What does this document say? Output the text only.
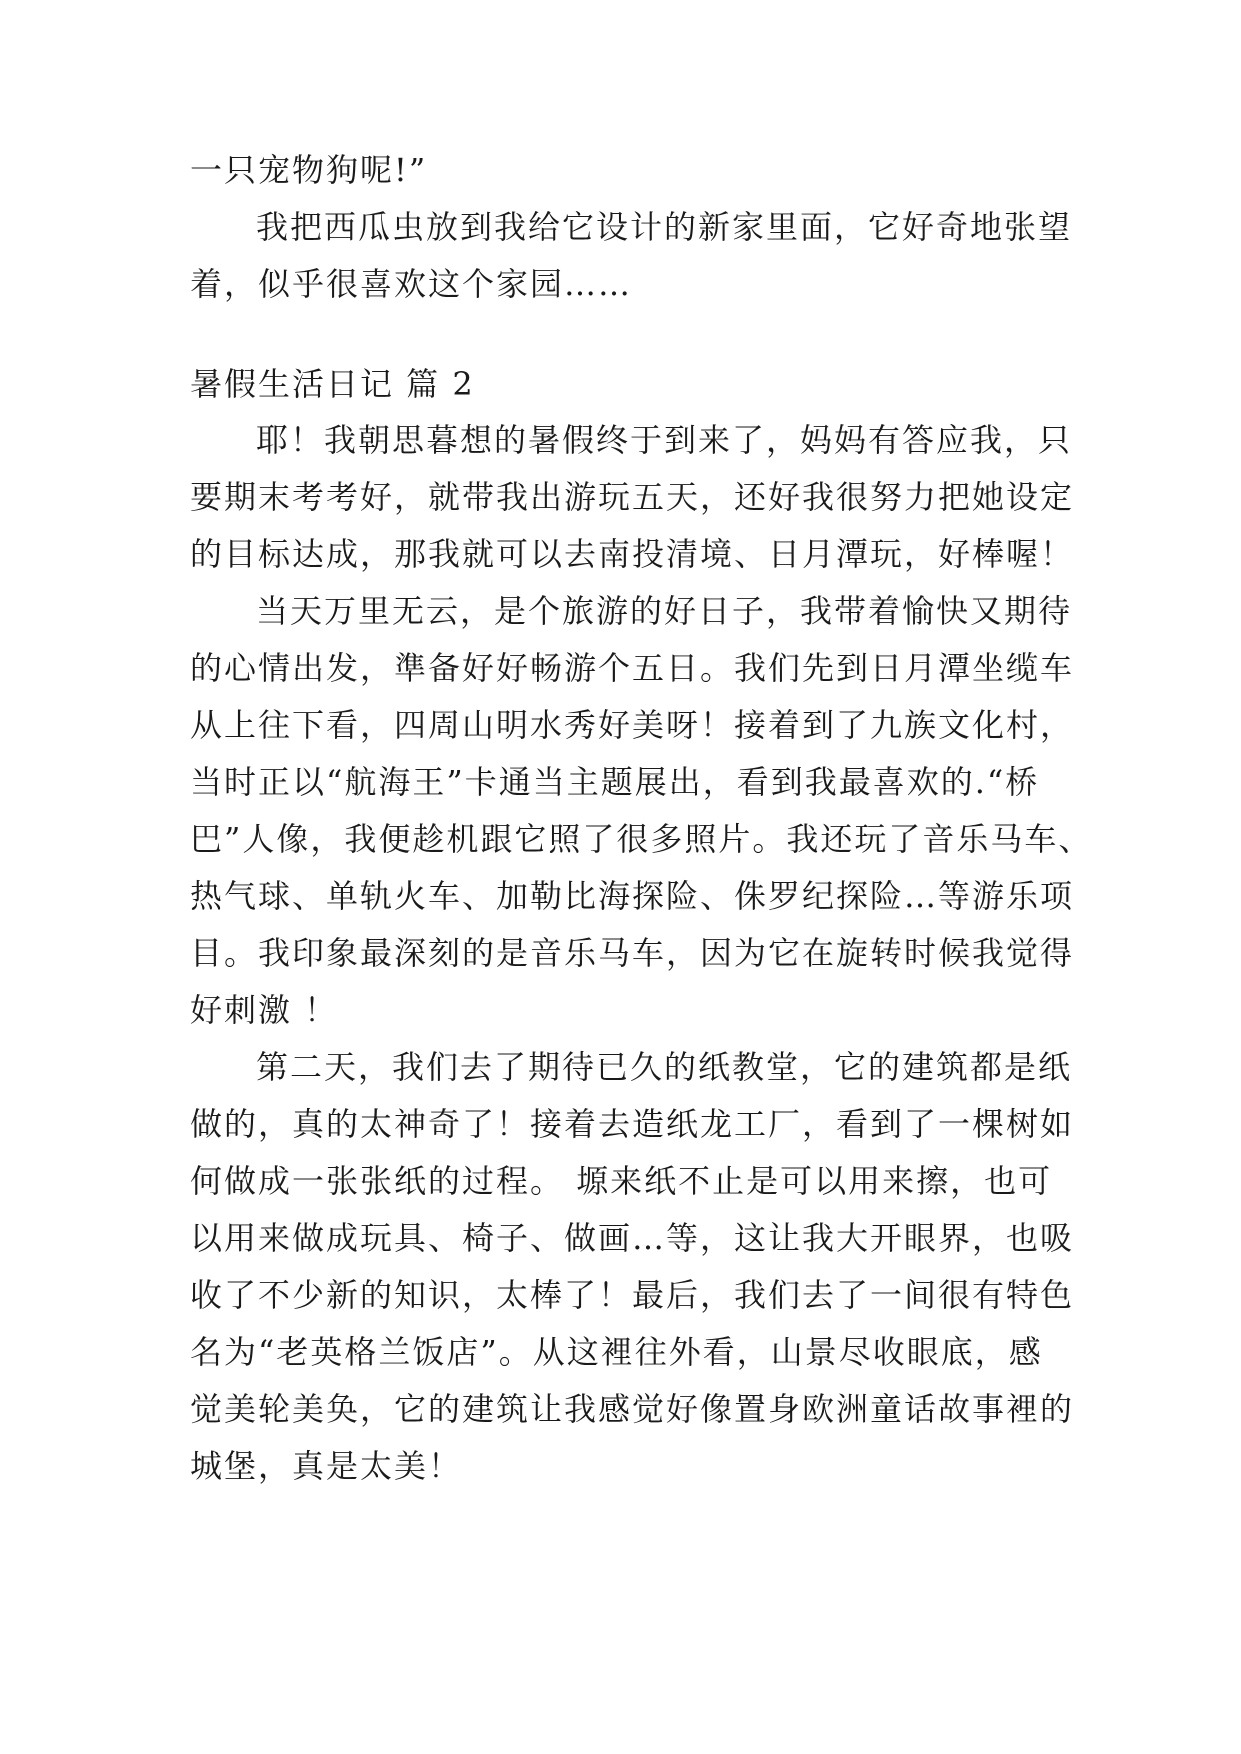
一只宠物狗呢!”
我把西瓜虫放到我给它设计的新家里面，它好奇地张望
着，似乎很喜欢这个家园……
暑假生活日记 篇 2
耶！我朝思暮想的暑假终于到来了，妈妈有答应我，只
要期末考考好，就带我出游玩五天，还好我很努力把她设定
的目标达成，那我就可以去南投清境、日月潭玩，好棒喔！
当天万里无云，是个旅游的好日子，我带着愉快又期待
的心情出发，準备好好畅游个五日。我们先到日月潭坐缆车
从上往下看，四周山明水秀好美呀！接着到了九族文化村，
当时正以“航海王”卡通当主题展出，看到我最喜欢的.“桥
巴”人像，我便趁机跟它照了很多照片。我还玩了音乐马车、
热气球、单轨火车、加勒比海探险、侏罗纪探险…等游乐项
目。我印象最深刻的是音乐马车，因为它在旋转时候我觉得
好刺激 ！
第二天，我们去了期待已久的纸教堂，它的建筑都是纸
做的，真的太神奇了！接着去造纸龙工厂，看到了一棵树如
何做成一张张纸的过程。 塬来纸不止是可以用来擦，也可
以用来做成玩具、椅子、做画…等，这让我大开眼界，也吸
收了不少新的知识，太棒了！最后，我们去了一间很有特色
名为“老英格兰饭店”。从这裡往外看，山景尽收眼底，感
觉美轮美奂，它的建筑让我感觉好像置身欧洲童话故事裡的
城堡，真是太美！
